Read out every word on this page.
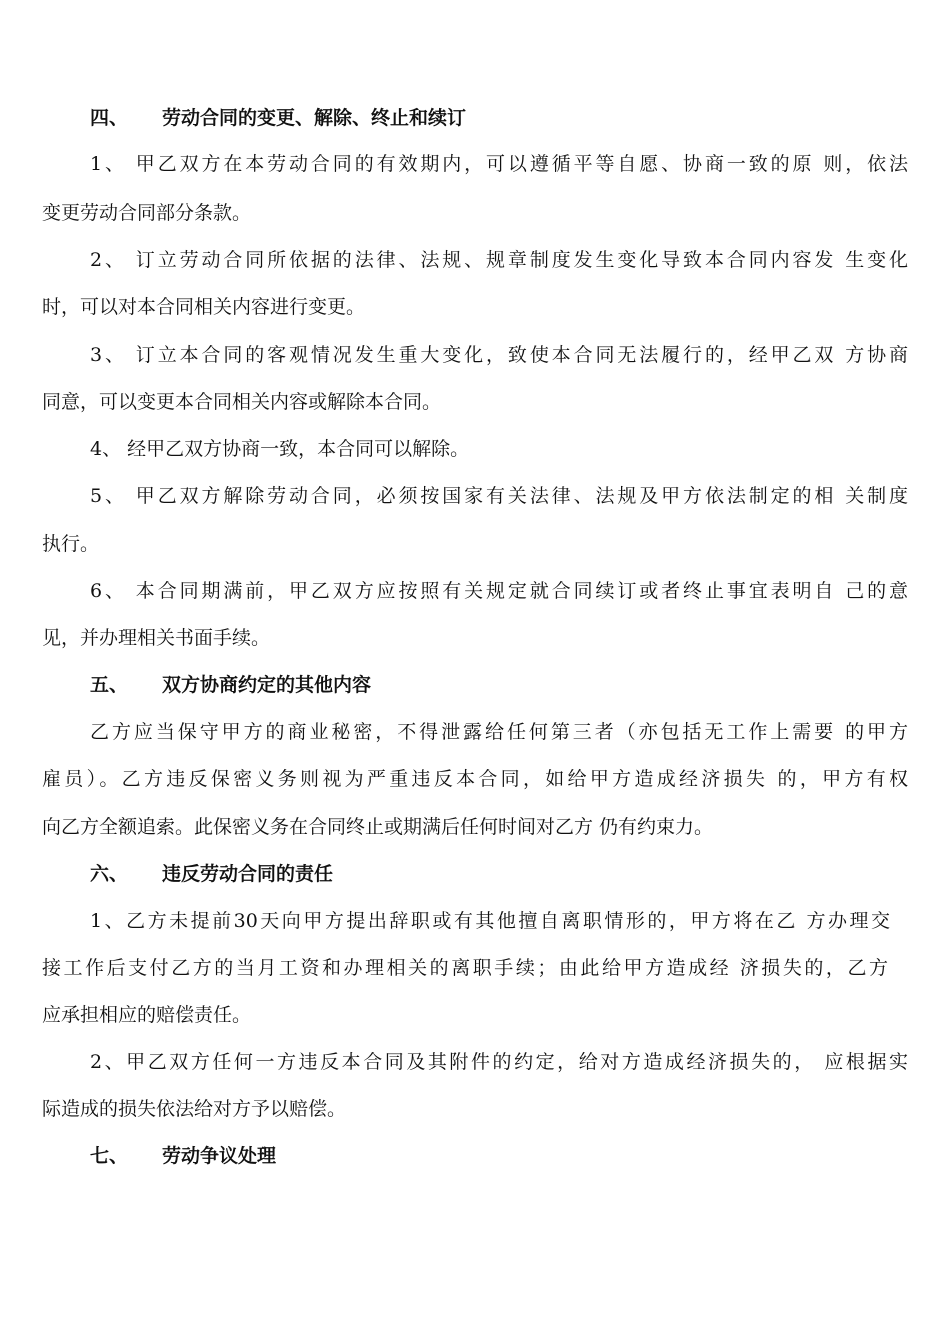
四、 劳动合同的变更、解除、终止和续订
1、 甲乙双方在本劳动合同的有效期内，可以遵循平等自愿、协商一致的原 则，依法
变更劳动合同部分条款。
2、 订立劳动合同所依据的法律、法规、规章制度发生变化导致本合同内容发 生变化
时，可以对本合同相关内容进行变更。
3、 订立本合同的客观情况发生重大变化，致使本合同无法履行的，经甲乙双 方协商
同意，可以变更本合同相关内容或解除本合同。
4、 经甲乙双方协商一致，本合同可以解除。
5、 甲乙双方解除劳动合同，必须按国家有关法律、法规及甲方依法制定的相 关制度
执行。
6、 本合同期满前，甲乙双方应按照有关规定就合同续订或者终止事宜表明自 己的意
见，并办理相关书面手续。
五、 双方协商约定的其他内容
乙方应当保守甲方的商业秘密，不得泄露给任何第三者（亦包括无工作上需要 的甲方
雇员）。乙方违反保密义务则视为严重违反本合同，如给甲方造成经济损失 的，甲方有权
向乙方全额追索。此保密义务在合同终止或期满后任何时间对乙方 仍有约束力。
六、 违反劳动合同的责任
1、乙方未提前30天向甲方提出辞职或有其他擅自离职情形的，甲方将在乙 方办理交
接工作后支付乙方的当月工资和办理相关的离职手续；由此给甲方造成经 济损失的，乙方
应承担相应的赔偿责任。
2、甲乙双方任何一方违反本合同及其附件的约定，给对方造成经济损失的， 应根据实
际造成的损失依法给对方予以赔偿。
七、 劳动争议处理
